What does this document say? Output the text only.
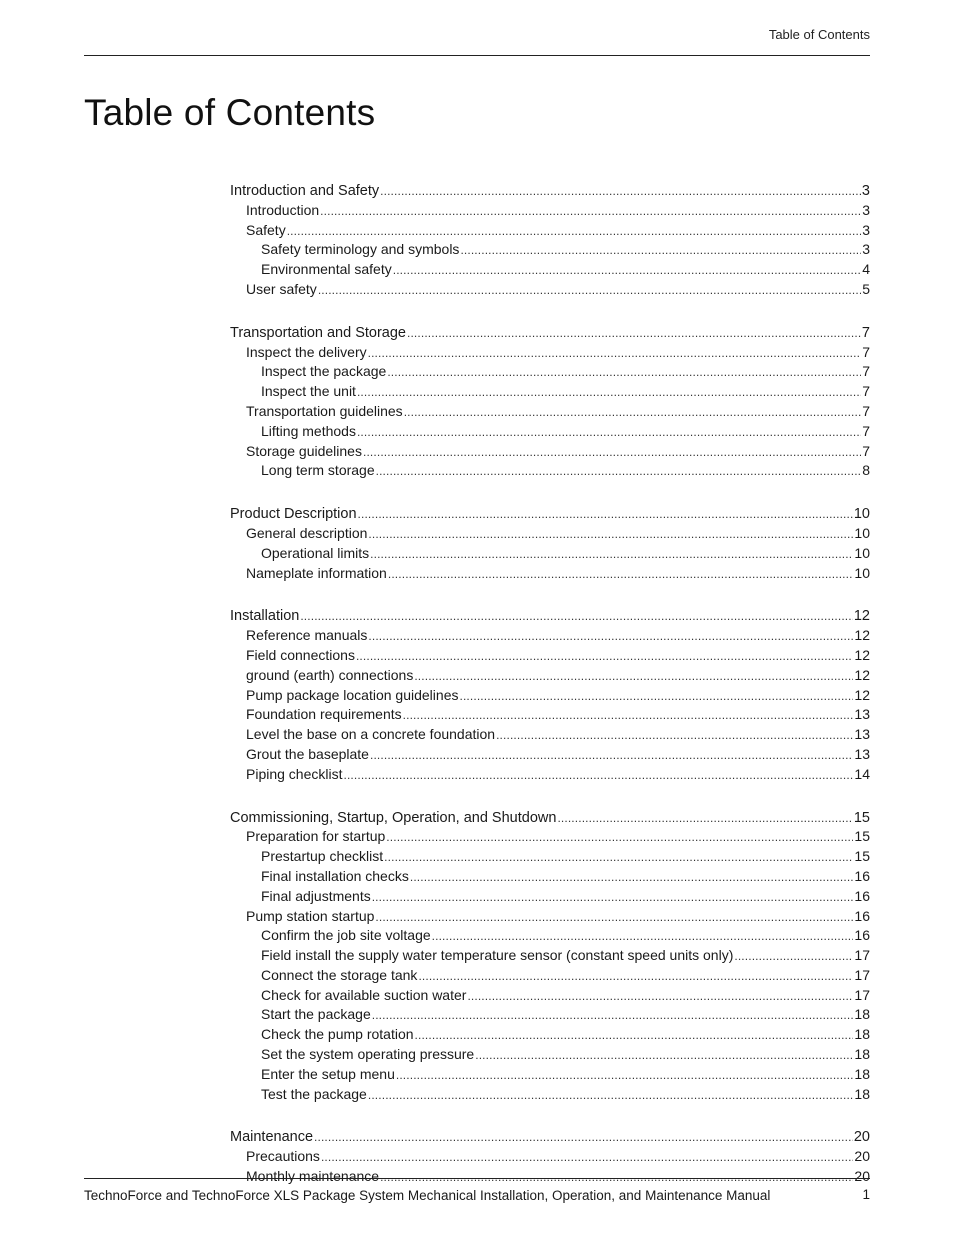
Table of Contents
Table of Contents
Introduction and Safety . . .	3
Introduction . . .	3
Safety . . .	3
Safety terminology and symbols . . .	3
Environmental safety . . .	4
User safety . . .	5
Transportation and Storage . . .	7
Inspect the delivery . . .	7
Inspect the package . . .	7
Inspect the unit . . .	7
Transportation guidelines . . .	7
Lifting methods . . .	7
Storage guidelines . . .	7
Long term storage . . .	8
Product Description . . .	10
General description . . .	10
Operational limits . . .	10
Nameplate information . . .	10
Installation . . .	12
Reference manuals . . .	12
Field connections . . .	12
ground (earth) connections . . .	12
Pump package location guidelines . . .	12
Foundation requirements . . .	13
Level the base on a concrete foundation . . .	13
Grout the baseplate . . .	13
Piping checklist . . .	14
Commissioning, Startup, Operation, and Shutdown . . .	15
Preparation for startup . . .	15
Prestartup checklist . . .	15
Final installation checks . . .	16
Final adjustments . . .	16
Pump station startup . . .	16
Confirm the job site voltage . . .	16
Field install the supply water temperature sensor (constant speed units only) . . .	17
Connect the storage tank . . .	17
Check for available suction water . . .	17
Start the package . . .	18
Check the pump rotation . . .	18
Set the system operating pressure . . .	18
Enter the setup menu . . .	18
Test the package . . .	18
Maintenance . . .	20
Precautions . . .	20
Monthly maintenance . . .	20
TechnoForce and TechnoForce XLS Package System Mechanical Installation, Operation, and Maintenance Manual	1
